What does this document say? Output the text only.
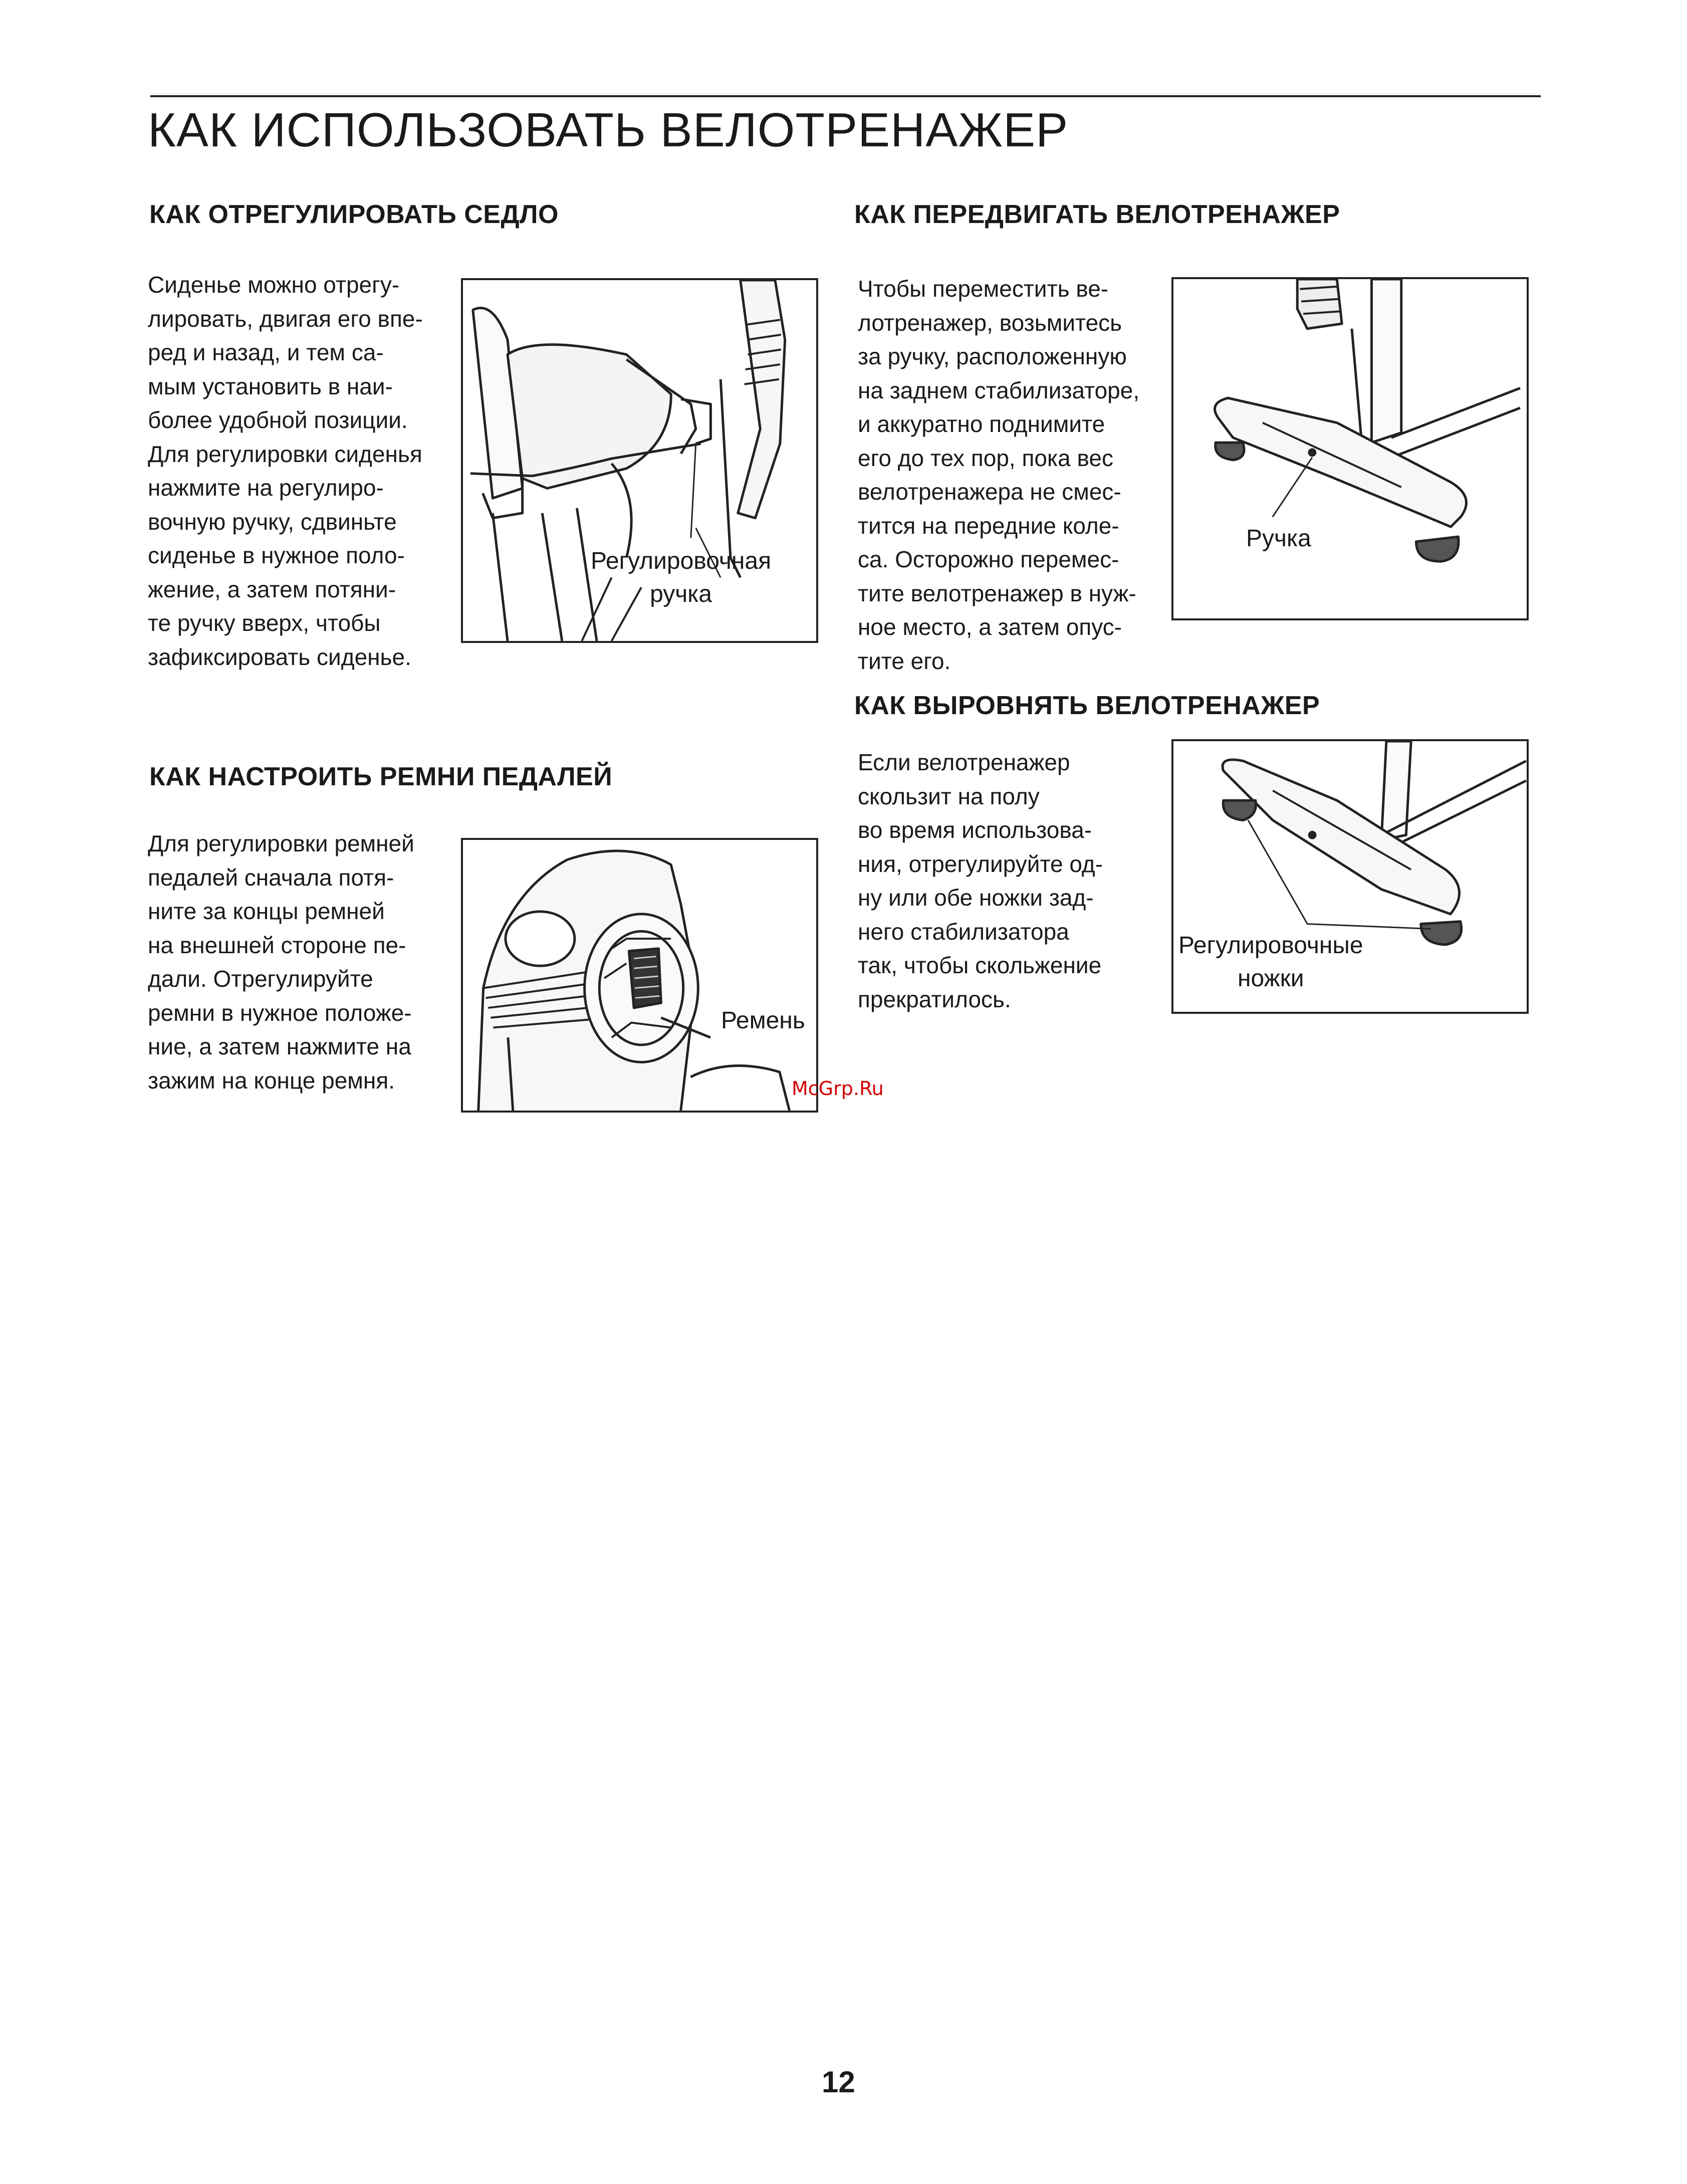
КАК ИСПОЛЬЗОВАТЬ ВЕЛОТРЕНАЖЕР
КАК ОТРЕГУЛИРОВАТЬ СЕДЛО
Сиденье можно отрегу-
лировать, двигая его впе-
ред и назад, и тем са-
мым установить в наи-
более удобной позиции.
Для регулировки сиденья
нажмите на регулиро-
вочную ручку, сдвиньте
сиденье в нужное поло-
жение, а затем потяни-
те ручку вверх, чтобы
зафиксировать сиденье.
Регулировочная
ручка
КАК НАСТРОИТЬ РЕМНИ ПЕДАЛЕЙ
Для регулировки ремней
педалей сначала потя-
ните за концы ремней
на внешней стороне пе-
дали. Отрегулируйте
ремни в нужное положе-
ние, а затем нажмите на
зажим на конце ремня.
Ремень
КАК ПЕРЕДВИГАТЬ ВЕЛОТРЕНАЖЕР
Чтобы переместить ве-
лотренажер, возьмитесь
за ручку, расположенную
на заднем стабилизаторе,
и аккуратно поднимите
его до тех пор, пока вес
велотренажера не смес-
тится на передние коле-
са. Осторожно перемес-
тите велотренажер в нуж-
ное место, а затем опус-
тите его.
Ручка
КАК ВЫРОВНЯТЬ ВЕЛОТРЕНАЖЕР
Если велотренажер
скользит на полу
во время использова-
ния, отрегулируйте од-
ну или обе ножки зад-
него стабилизатора
так, чтобы скольжение
прекратилось.
Регулировочные
ножки
McGrp.Ru
12
